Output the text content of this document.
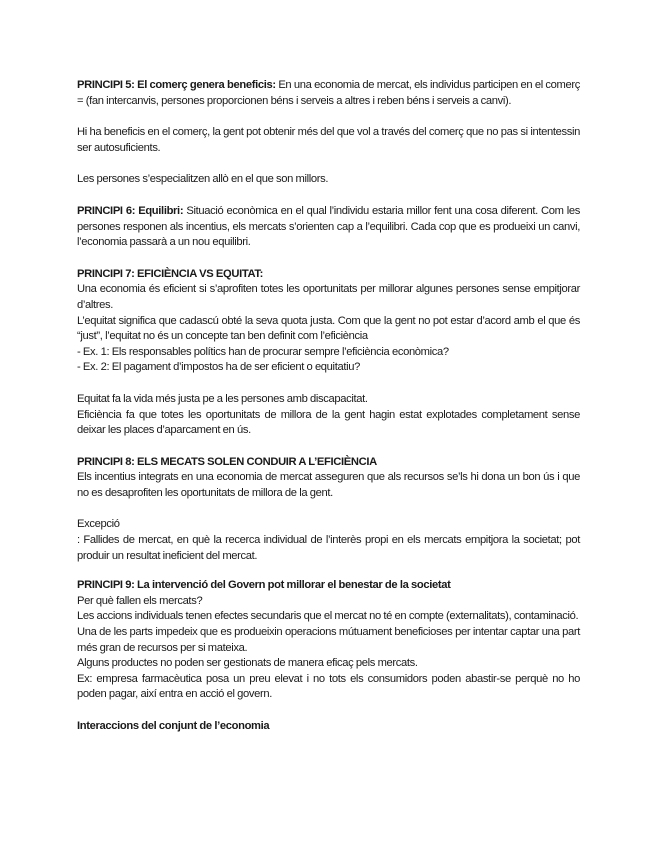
PRINCIPI 5: El comerç genera beneficis: En una economia de mercat, els individus participen en el comerç = (fan intercanvis, persones proporcionen béns i serveis a altres i reben béns i serveis a canvi).

Hi ha beneficis en el comerç, la gent pot obtenir més del que vol a través del comerç que no pas si intentessin ser autosuficients.

Les persones s’especialitzen allò en el que son millors.

PRINCIPI 6: Equilibri: Situació econòmica en el qual l’individu estaria millor fent una cosa diferent. Com les persones responen als incentius, els mercats s’orienten cap a l’equilibri. Cada cop que es produeixi un canvi, l’economia passarà a un nou equilibri.

PRINCIPI 7: EFICIÈNCIA VS EQUITAT:

Una economia és eficient si s’aprofiten totes les oportunitats per millorar algunes persones sense empitjorar d’altres.

L’equitat significa que cadascú obté la seva quota justa. Com que la gent no pot estar d’acord amb el que és “just”, l’equitat no és un concepte tan ben definit com l’eficiència

- Ex. 1: Els responsables polítics han de procurar sempre l’eficiència econòmica?

- Ex. 2: El pagament d’impostos ha de ser eficient o equitatiu?

Equitat fa la vida més justa pe a les persones amb discapacitat.

Eficiència fa que totes les oportunitats de millora de la gent hagin estat explotades completament sense deixar les places d’aparcament en ús.

PRINCIPI 8: ELS MECATS SOLEN CONDUIR A L’EFICIÈNCIA

Els incentius integrats en una economia de mercat asseguren que als recursos se’ls hi dona un bon ús i que no es desaprofiten les oportunitats de millora de la gent.

Excepció

: Fallides de mercat, en què la recerca individual de l’interès propi en els mercats empitjora la societat; pot produir un resultat ineficient del mercat.

PRINCIPI 9: La intervenció del Govern pot millorar el benestar de la societat

Per què fallen els mercats?

Les accions individuals tenen efectes secundaris que el mercat no té en compte (externalitats), contaminació.

Una de les parts impedeix que es produeixin operacions mútuament beneficioses per intentar captar una part més gran de recursos per si mateixa.

Alguns productes no poden ser gestionats de manera eficaç pels mercats.

Ex: empresa farmacèutica posa un preu elevat i no tots els consumidors poden abastir-se perquè no ho poden pagar, així entra en acció el govern.

Interaccions del conjunt de l’economia
